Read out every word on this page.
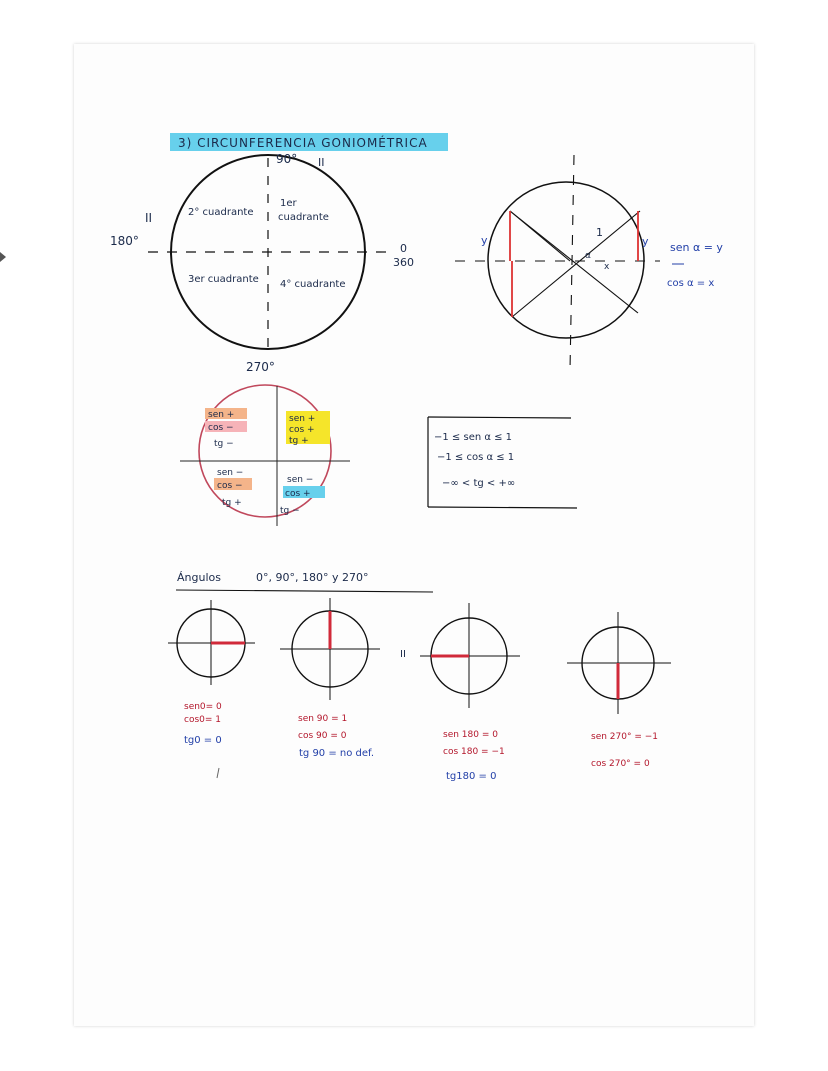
3) CIRCUNFERENCIA GONIOMÉTRICA
90° II
180°
II
0
360
270°
1er
cuadrante
2° cuadrante
3er cuadrante 4° cuadrante
y	y
1
α
x
sen α = y
cos α = x
sen +
cos −
tg −
sen +
cos +
tg +
sen −
cos −
tg +
sen −
cos +
tg −
−1 ≤ sen α ≤ 1
−1 ≤ cos α ≤ 1
−∞ < tg < +∞
Ángulos	0°, 90°, 180° y 270°
II
sen0= 0
cos0= 1
tg0 = 0
sen 90 = 1
cos 90 = 0
tg 90 = no def.
sen 180 = 0
cos 180 = −1
tg180 = 0
sen 270° = −1
cos 270° = 0
